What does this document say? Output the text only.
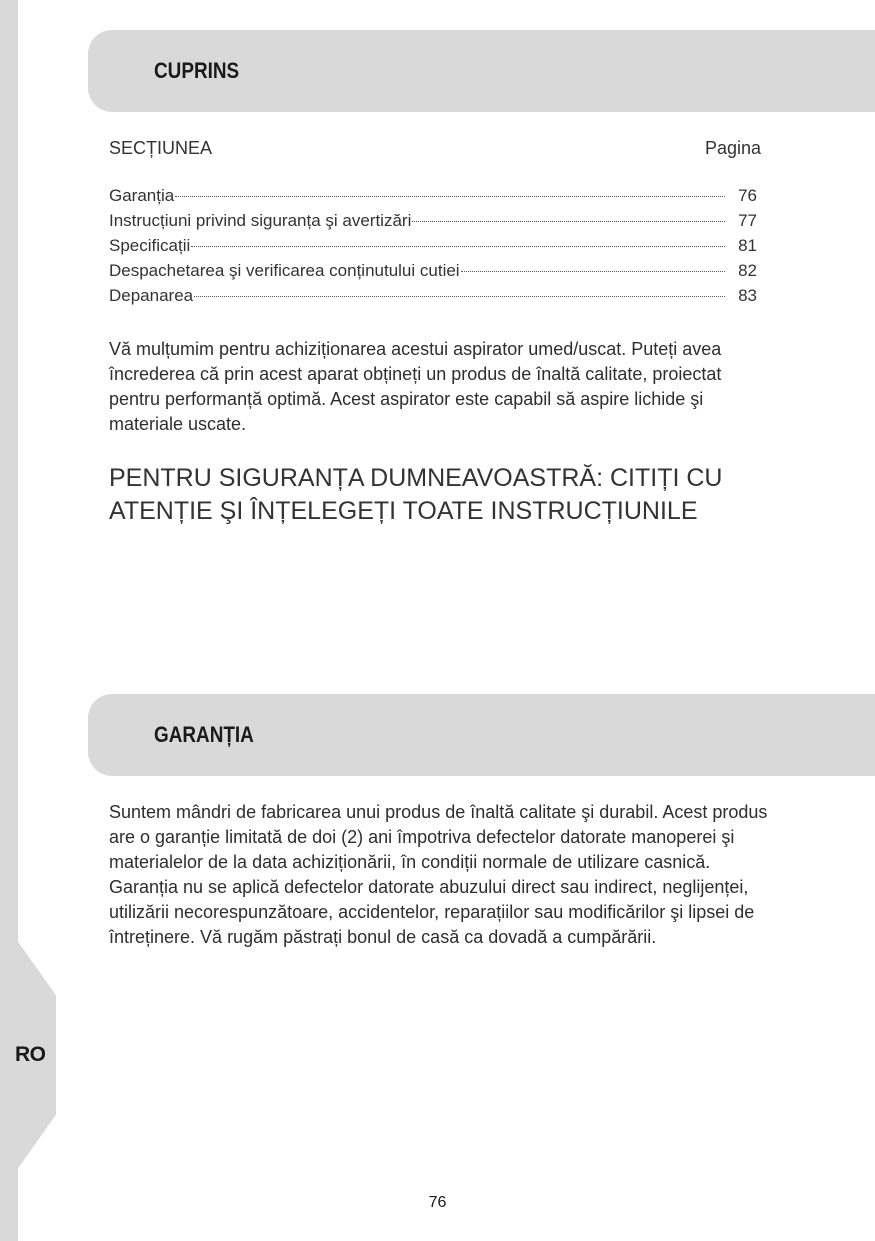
RO
CUPRINS
SECȚIUNEA	Pagina
Garanția	76
Instrucțiuni privind siguranța şi avertizări	77
Specificații	81
Despachetarea şi verificarea conținutului cutiei	82
Depanarea	83

Vă mulțumim pentru achiziționarea acestui aspirator umed/uscat. Puteți avea încrederea că prin acest aparat obțineți un produs de înaltă calitate, proiectat pentru performanță optimă. Acest aspirator este capabil să aspire lichide şi materiale uscate.

PENTRU SIGURANȚA DUMNEAVOASTRĂ: CITIȚI CU ATENȚIE ŞI ÎNȚELEGEȚI TOATE INSTRUCȚIUNILE
GARANȚIA

Suntem mândri de fabricarea unui produs de înaltă calitate şi durabil. Acest produs are o garanție limitată de doi (2) ani împotriva defectelor datorate manoperei şi materialelor de la data achiziționării, în condiții normale de utilizare casnică. Garanția nu se aplică defectelor datorate abuzului direct sau indirect, neglijenței, utilizării necorespunzătoare, accidentelor, reparațiilor sau modificărilor şi lipsei de întreținere. Vă rugăm păstrați bonul de casă ca dovadă a cumpărării.

76
